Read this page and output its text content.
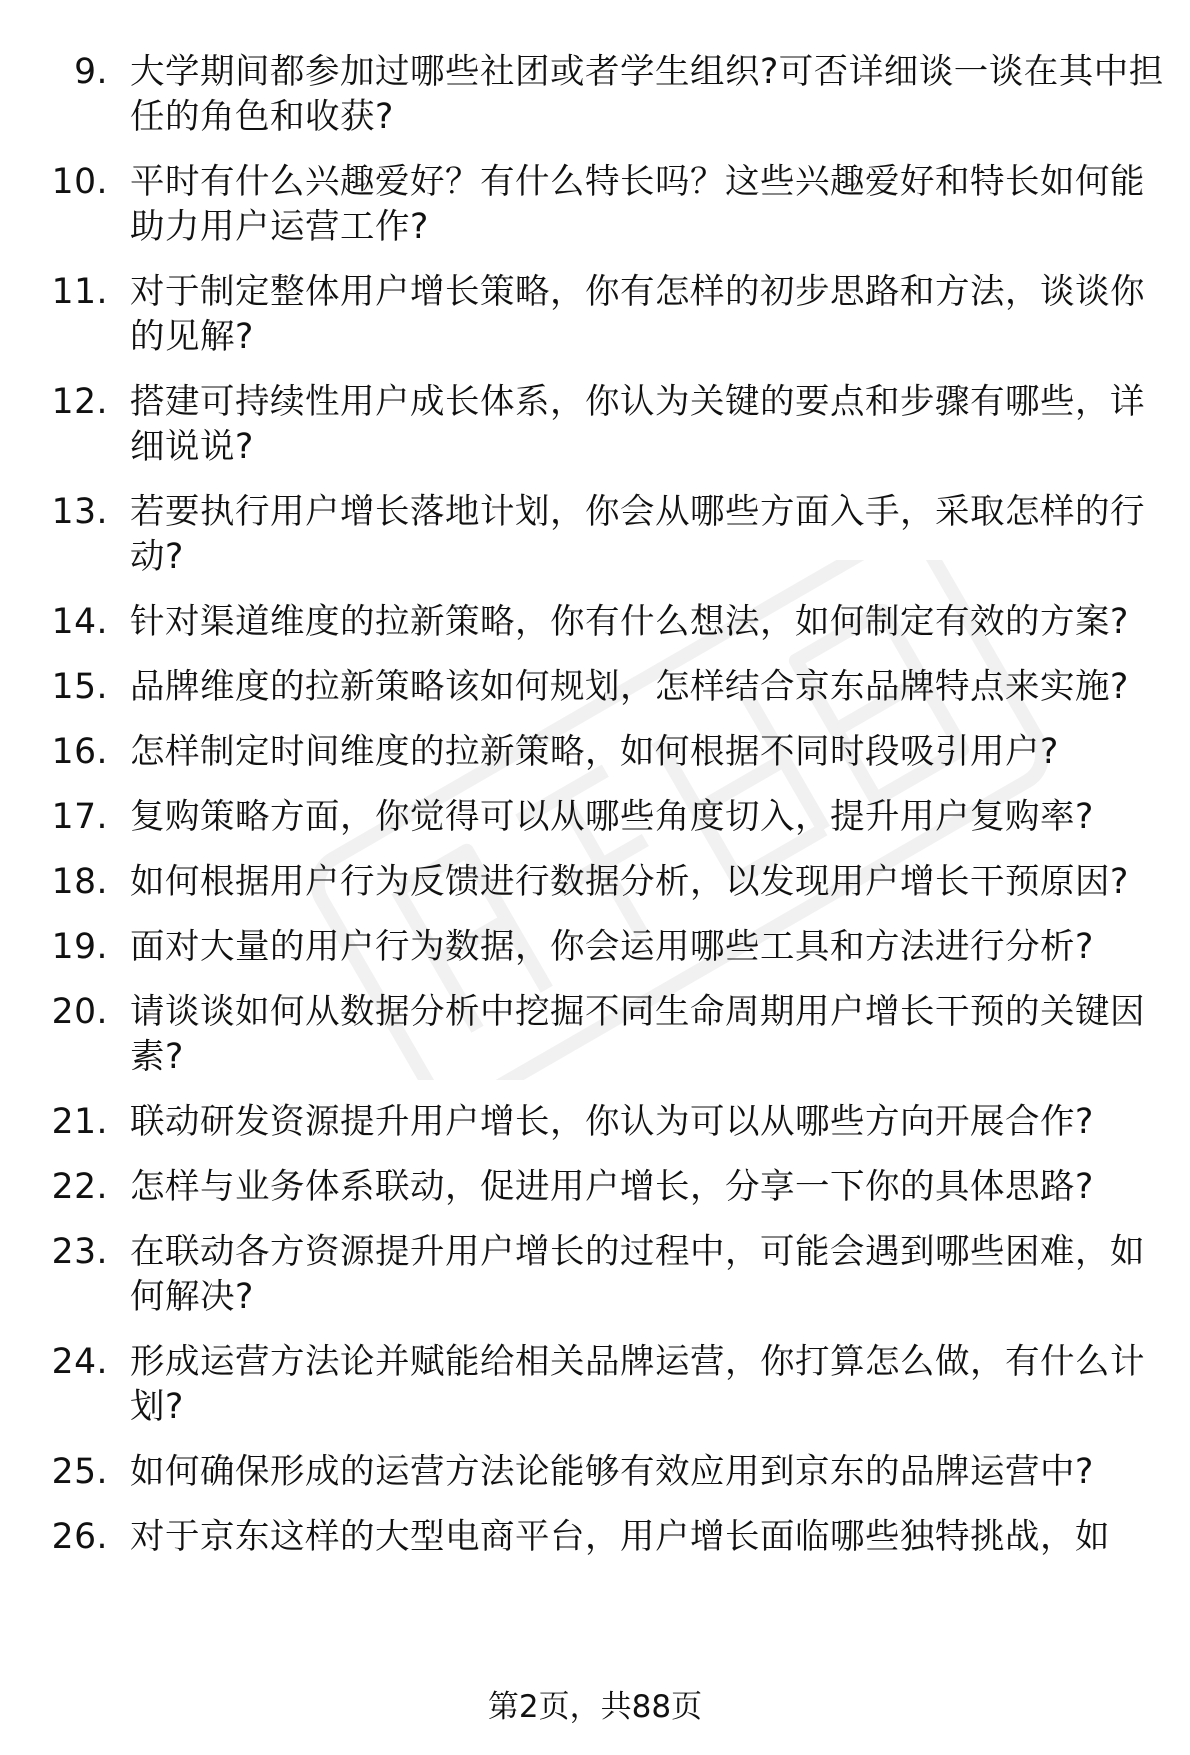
9. 大学期间都参加过哪些社团或者学生组织?可否详细谈一谈在其中担任的角色和收获?
10. 平时有什么兴趣爱好？有什么特长吗？这些兴趣爱好和特长如何能助力用户运营工作?
11. 对于制定整体用户增长策略，你有怎样的初步思路和方法，谈谈你的见解?
12. 搭建可持续性用户成长体系，你认为关键的要点和步骤有哪些，详细说说?
13. 若要执行用户增长落地计划，你会从哪些方面入手，采取怎样的行动?
14. 针对渠道维度的拉新策略，你有什么想法，如何制定有效的方案?
15. 品牌维度的拉新策略该如何规划，怎样结合京东品牌特点来实施?
16. 怎样制定时间维度的拉新策略，如何根据不同时段吸引用户?
17. 复购策略方面，你觉得可以从哪些角度切入，提升用户复购率?
18. 如何根据用户行为反馈进行数据分析，以发现用户增长干预原因?
19. 面对大量的用户行为数据，你会运用哪些工具和方法进行分析?
20. 请谈谈如何从数据分析中挖掘不同生命周期用户增长干预的关键因素?
21. 联动研发资源提升用户增长，你认为可以从哪些方向开展合作?
22. 怎样与业务体系联动，促进用户增长，分享一下你的具体思路?
23. 在联动各方资源提升用户增长的过程中，可能会遇到哪些困难，如何解决?
24. 形成运营方法论并赋能给相关品牌运营，你打算怎么做，有什么计划?
25. 如何确保形成的运营方法论能够有效应用到京东的品牌运营中?
26. 对于京东这样的大型电商平台，用户增长面临哪些独特挑战，如
第2页，共88页
